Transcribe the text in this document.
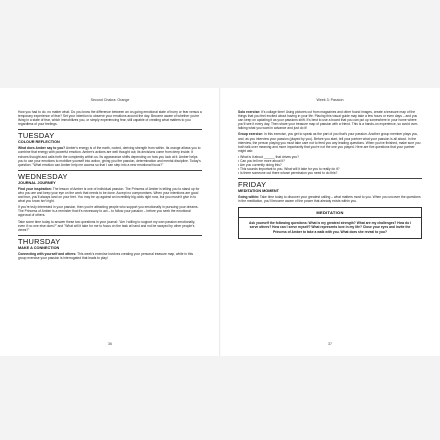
Second Chakra: Orange

How you had to do, no matter what. Do you know the difference between an on-going emotional state of hurry or fear versus a temporary experience of fear? Set your intention to observe your emotions around the day. Become aware of whether you're living in a state of fear, which immobilizes you, or simply experiencing fear, still capable of creating what matters to you regardless of your feelings.

TUESDAY
COLOUR REFLECTION

What does Amber say to you? Amber's energy is of the earth, rooted, deriving strength from within. Its orange allows you to combine that energy with powerful emotion. Amber's actions are well thought out; its decisions come from deep inside. It echoes thought and calls forth the complexity within us. Its appearance shifts depending on how you look at it. Amber helps you to use your emotions to mobilize yourself into action, giving you fire passion, determination and mental discipline. Today's question: "What emotion can Amber help me access so that I can step into a new emotional focus?"

WEDNESDAY
JOURNAL JOURNEY

Find your inspiration: The lesson of Amber is one of individual passion. The Princess of Amber is telling you to stand up for who you are and keep your eye on the work that needs to be done. Accept no compromises. When your intentions are good and true, you'll always land on your feet. You may be up against an incredibly big odds right now, but you mustn't give in to what you know isn't right.

If you're truly interested in your passion, then you're attracting people who support you emotionally in pursuing your dreams. The Princess of Amber is a reminder that it's necessary to act – to follow your passion – before you seek the emotional approval of others.

Take some time today to answer these two questions in your journal: "Am I willing to support my own passion emotionally, even if no one else does?" and "What will it take for me to focus on the task at hand and not be swayed by other people's views?"

THURSDAY
MAKE A CONNECTION

Connecting with yourself and others: This week's exercise involves creating your personal treasure map, while in this group exercise your passion is interrogated that leads to play!

36
Week 3: Passion

Solo exercise: It's collage time! Using pictures cut from magazines and other found images, create a treasure map of the things that you feel excited about having in your life. Placing this visual guide may take a few hours or even days – and you can keep on updating it as your passions shift. It's best to use a board that you can put up somewhere in your home where you'll see it every day. Then share your treasure map of passion with a friend. This is a hands-on experience, so avoid over-talking what you want in advance and just do it!

Group exercise: In this exercise, you get to speak as the part of you that's your passion. Another group member plays you, and, as you interview your passion (played by you). Before you start, tell your partner what your passion is all about. In the interview, the person playing you must take care not to feed you any leading questions. When you've finished, make sure you both talk over meaning and more importantly that you're not the one you played. Here are five questions that your partner might ask:

• What is it about ______ that drives you?
• Can you tell me more about it?
• Are you currently doing this?
• This sounds important to you. What will it take for you to really do it?
• Is there someone out there whose permission you need to do this?
FRIDAY
MEDITATION MOMENT

Going within: Take time today to discover your greatest calling – what matters most to you. When you uncover the questions in the meditation, you'll become aware of the power that already exists within you.

MEDITATION
Ask yourself the following questions: What is my greatest strength? What are my challenges? How do I serve others? How can I serve myself? What represents love in my life? Close your eyes and invite the Princess of Amber to take a walk with you. What does she reveal to you?
37
